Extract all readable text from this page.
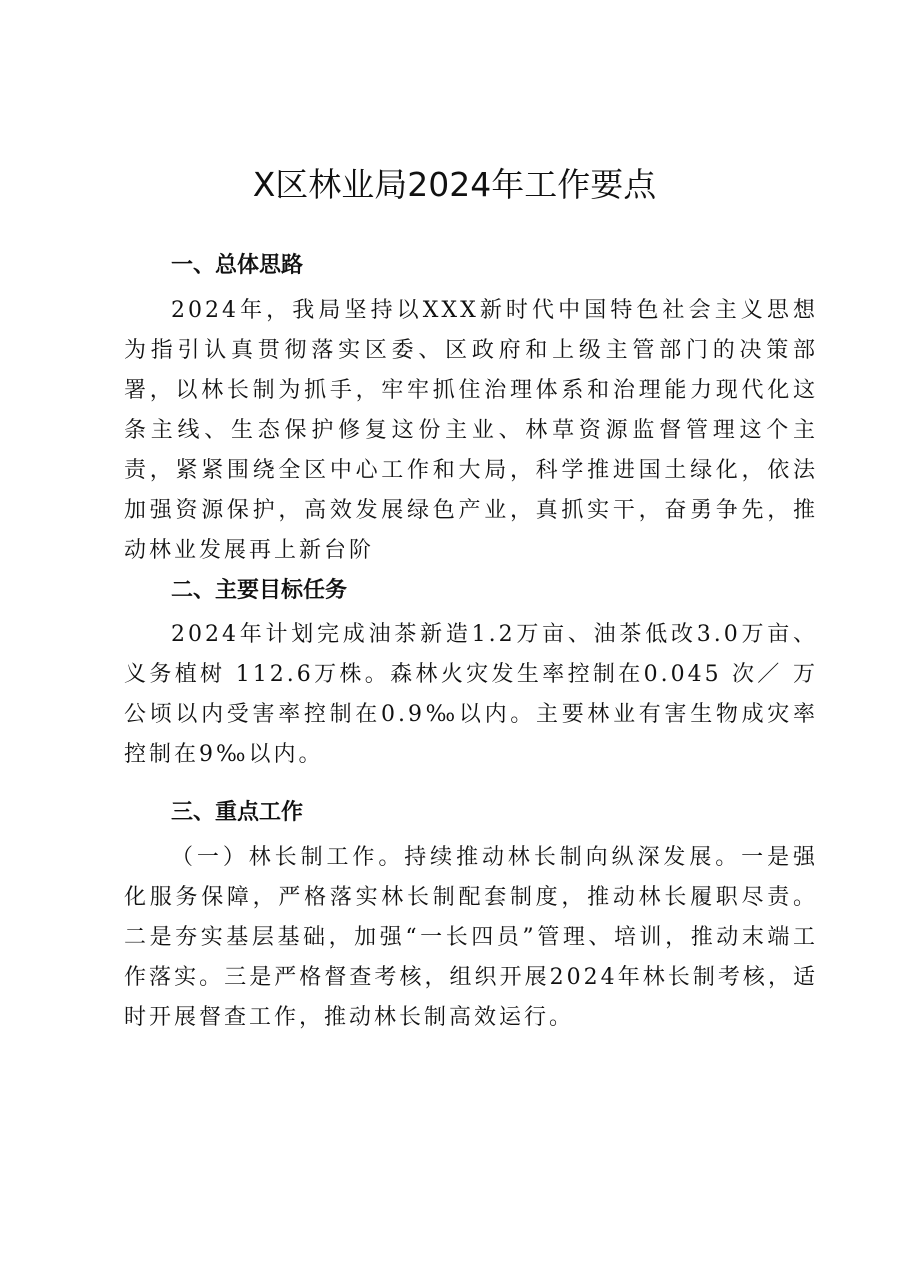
X区林业局2024年工作要点
一、总体思路

2024年，我局坚持以XXX新时代中国特色社会主义思想为指引认真贯彻落实区委、区政府和上级主管部门的决策部署，以林长制为抓手，牢牢抓住治理体系和治理能力现代化这条主线、生态保护修复这份主业、林草资源监督管理这个主责，紧紧围绕全区中心工作和大局，科学推进国土绿化，依法加强资源保护，高效发展绿色产业，真抓实干，奋勇争先，推动林业发展再上新台阶

二、主要目标任务

2024年计划完成油茶新造1.2万亩、油茶低改3.0万亩、义务植树 112.6万株。森林火灾发生率控制在0.045 次／ 万公顷以内受害率控制在0.9‰以内。主要林业有害生物成灾率控制在9‰以内。

三、重点工作

（一）林长制工作。持续推动林长制向纵深发展。一是强化服务保障，严格落实林长制配套制度，推动林长履职尽责。二是夯实基层基础，加强“一长四员”管理、培训，推动末端工作落实。三是严格督查考核，组织开展2024年林长制考核，适时开展督查工作，推动林长制高效运行。
